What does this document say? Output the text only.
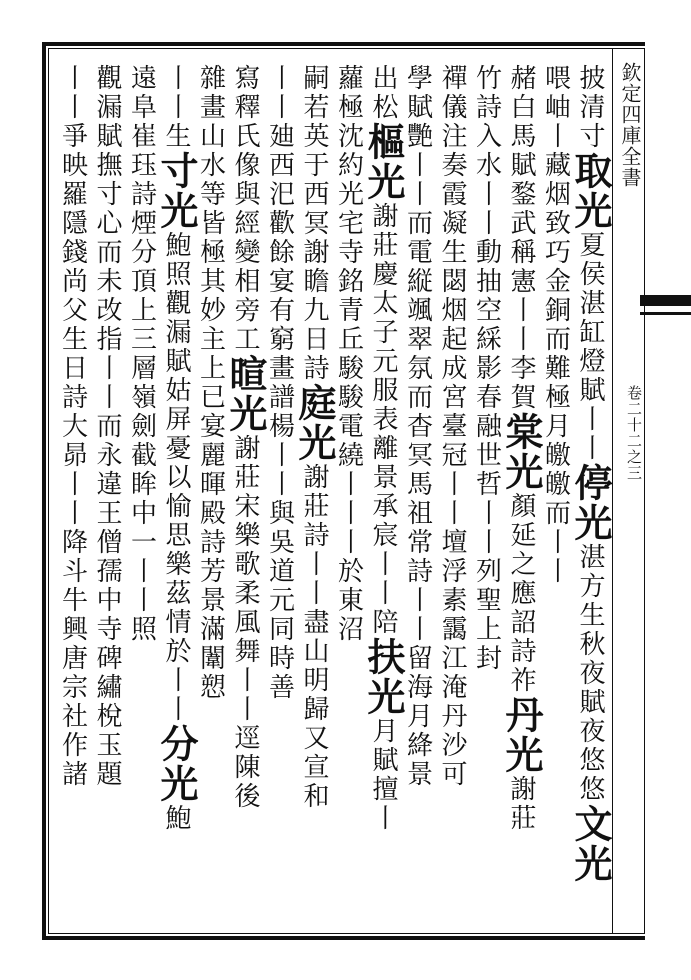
欽定四庫全書
卷二十二之三
披清寸取光夏侯湛缸燈賦丨丨停光湛方生秋夜賦夜悠悠文光
喂岫丨藏烟致巧金銅而難極月皦皦而丨丨
赭白馬賦鍪武稱憲丨丨李賀棠光顏延之應詔詩祚丹光謝莊
竹詩入水丨丨動抽空綵影春融世哲丨丨列聖上封
禪儀注奏霞凝生閟烟起成宮臺冠丨丨壇浮素靄江淹丹沙可
學賦艷丨丨而電縦颯翠氛而杳冥馬祖常詩丨丨留海月絳景
出松樞光謝莊慶太子元服表離景承宸丨丨陪扶光月賦擅丨
蘿極沈約光宅寺銘青丘駿駿電繞丨丨丨於東沼
嗣若英于西冥謝瞻九日詩庭光謝莊詩丨丨盡山明歸又宣和
丨丨廸西汜歡餘宴有窮畫譜楊丨丨與吳道元同時善
寫釋氏像與經變相旁工暄光謝莊宋樂歌柔風舞丨丨逕陳後
雜畫山水等皆極其妙主上已宴麗暉殿詩芳景滿闈愬
丨丨生寸光鮑照觀漏賦姑屏憂以愉思樂茲情於丨丨分光鮑
遠阜崔珏詩煙分頂上三層嶺劍截眸中一丨丨照
觀漏賦撫寸心而未改指丨丨而永違王僧孺中寺碑繡梲玉題
丨丨爭映羅隱錢尚父生日詩大昴丨丨降斗牛興唐宗社作諸
